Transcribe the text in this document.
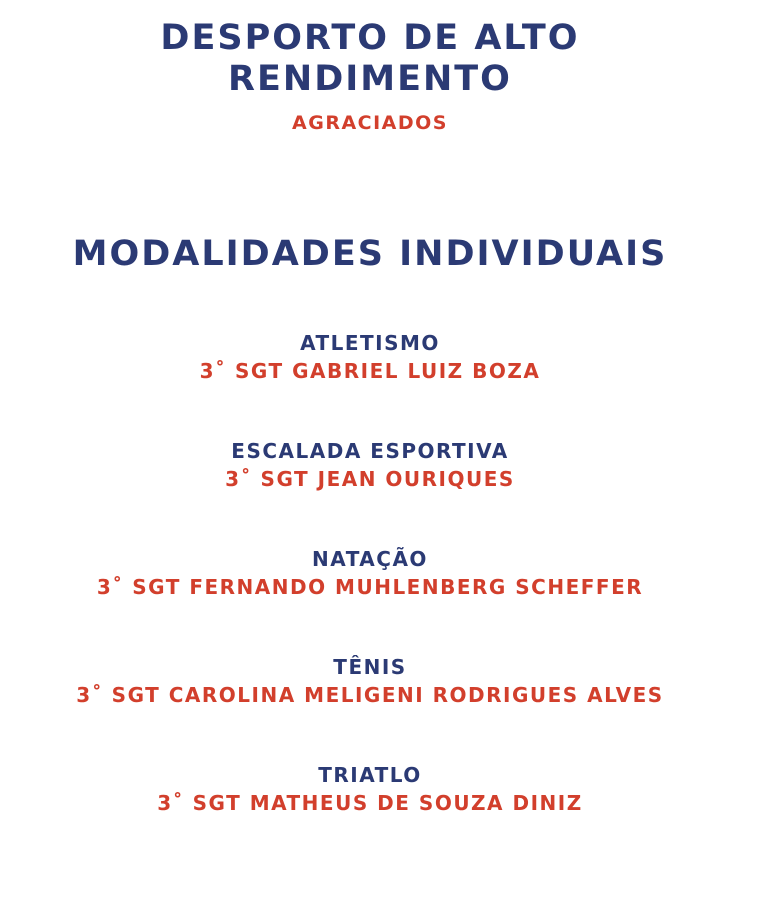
DESPORTO DE ALTO RENDIMENTO
AGRACIADOS
MODALIDADES INDIVIDUAIS
ATLETISMO
3˚ SGT GABRIEL LUIZ BOZA
ESCALADA ESPORTIVA
3˚ SGT JEAN OURIQUES
NATAÇÃO
3˚ SGT FERNANDO MUHLENBERG SCHEFFER
TÊNIS
3˚ SGT CAROLINA MELIGENI RODRIGUES ALVES
TRIATLO
3˚ SGT MATHEUS DE SOUZA DINIZ
